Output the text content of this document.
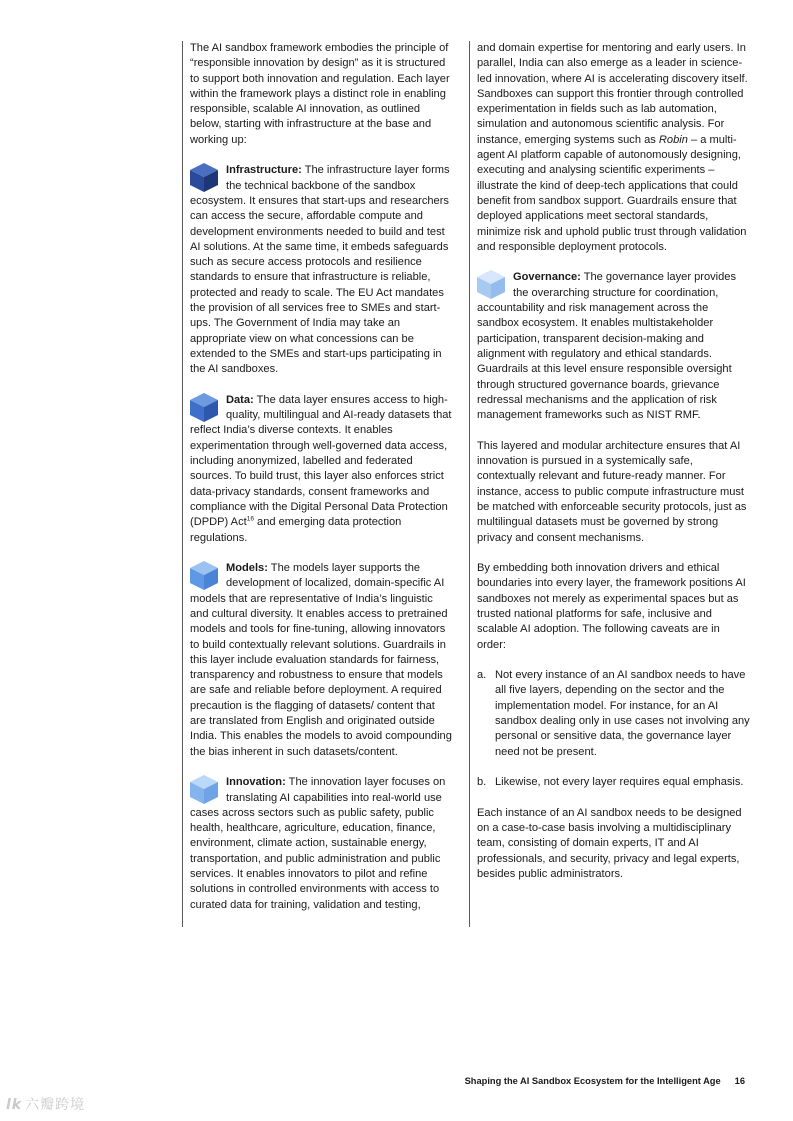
The AI sandbox framework embodies the principle of “responsible innovation by design” as it is structured to support both innovation and regulation. Each layer within the framework plays a distinct role in enabling responsible, scalable AI innovation, as outlined below, starting with infrastructure at the base and working up:

Infrastructure: The infrastructure layer forms the technical backbone of the sandbox ecosystem. It ensures that start-ups and researchers can access the secure, affordable compute and development environments needed to build and test AI solutions. At the same time, it embeds safeguards such as secure access protocols and resilience standards to ensure that infrastructure is reliable, protected and ready to scale. The EU Act mandates the provision of all services free to SMEs and start-ups. The Government of India may take an appropriate view on what concessions can be extended to the SMEs and start-ups participating in the AI sandboxes.

Data: The data layer ensures access to high-quality, multilingual and AI-ready datasets that reflect India’s diverse contexts. It enables experimentation through well-governed data access, including anonymized, labelled and federated sources. To build trust, this layer also enforces strict data-privacy standards, consent frameworks and compliance with the Digital Personal Data Protection (DPDP) Act$^{16}$ and emerging data protection regulations.

Models: The models layer supports the development of localized, domain-specific AI models that are representative of India’s linguistic and cultural diversity. It enables access to pretrained models and tools for fine-tuning, allowing innovators to build contextually relevant solutions. Guardrails in this layer include evaluation standards for fairness, transparency and robustness to ensure that models are safe and reliable before deployment. A required precaution is the flagging of datasets/ content that are translated from English and originated outside India. This enables the models to avoid compounding the bias inherent in such datasets/content.

Innovation: The innovation layer focuses on translating AI capabilities into real-world use cases across sectors such as public safety, public health, healthcare, agriculture, education, finance, environment, climate action, sustainable energy, transportation, and public administration and public services. It enables innovators to pilot and refine solutions in controlled environments with access to curated data for training, validation and testing,

and domain expertise for mentoring and early users. In parallel, India can also emerge as a leader in science-led innovation, where AI is accelerating discovery itself. Sandboxes can support this frontier through controlled experimentation in fields such as lab automation, simulation and autonomous scientific analysis. For instance, emerging systems such as Robin – a multi-agent AI platform capable of autonomously designing, executing and analysing scientific experiments – illustrate the kind of deep-tech applications that could benefit from sandbox support. Guardrails ensure that deployed applications meet sectoral standards, minimize risk and uphold public trust through validation and responsible deployment protocols.

Governance: The governance layer provides the overarching structure for coordination, accountability and risk management across the sandbox ecosystem. It enables multistakeholder participation, transparent decision-making and alignment with regulatory and ethical standards. Guardrails at this level ensure responsible oversight through structured governance boards, grievance redressal mechanisms and the application of risk management frameworks such as NIST RMF.

This layered and modular architecture ensures that AI innovation is pursued in a systemically safe, contextually relevant and future-ready manner. For instance, access to public compute infrastructure must be matched with enforceable security protocols, just as multilingual datasets must be governed by strong privacy and consent mechanisms.

By embedding both innovation drivers and ethical boundaries into every layer, the framework positions AI sandboxes not merely as experimental spaces but as trusted national platforms for safe, inclusive and scalable AI adoption. The following caveats are in order:

a. Not every instance of an AI sandbox needs to have all five layers, depending on the sector and the implementation model. For instance, for an AI sandbox dealing only in use cases not involving any personal or sensitive data, the governance layer need not be present.
b. Likewise, not every layer requires equal emphasis.

Each instance of an AI sandbox needs to be designed on a case-to-case basis involving a multidisciplinary team, consisting of domain experts, IT and AI professionals, and security, privacy and legal experts, besides public administrators.

Shaping the AI Sandbox Ecosystem for the Intelligent Age 16
lk 六瓣跨境
